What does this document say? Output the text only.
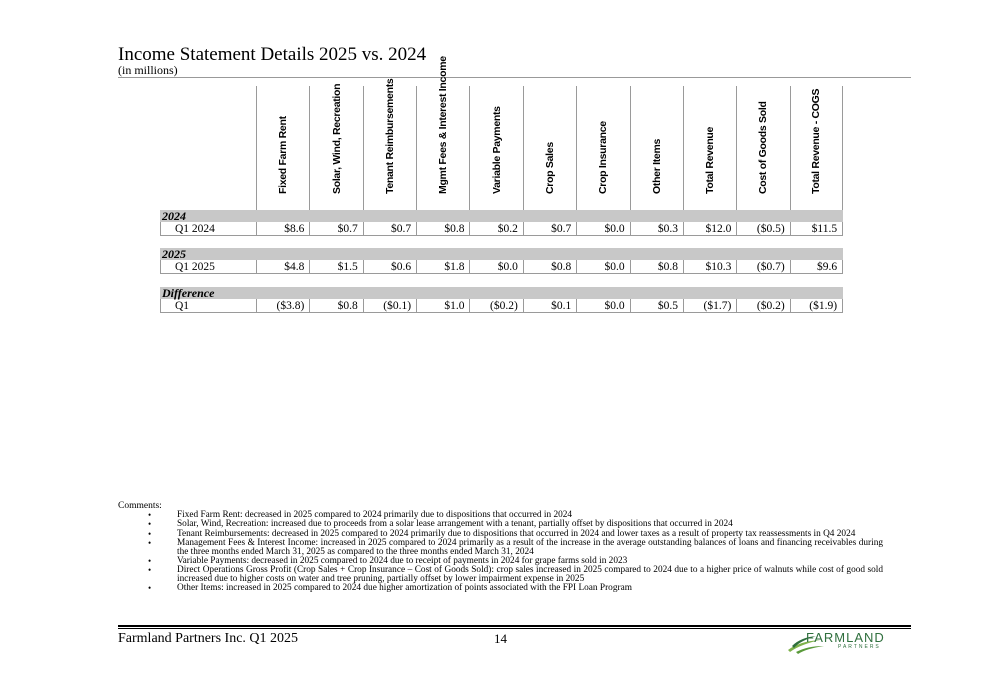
Income Statement Details 2025 vs. 2024
(in millions)
Fixed Farm Rent	Solar, Wind, Recreation	Tenant Reimbursements	Mgmt Fees & Interest Income	Variable Payments	Crop Sales	Crop Insurance	Other Items	Total Revenue	Cost of Goods Sold	Total Revenue - COGS
2024
Q1 2024	$8.6	$0.7	$0.7	$0.8	$0.2	$0.7	$0.0	$0.3	$12.0	($0.5)	$11.5
2025
Q1 2025	$4.8	$1.5	$0.6	$1.8	$0.0	$0.8	$0.0	$0.8	$10.3	($0.7)	$9.6
Difference
Q1	($3.8)	$0.8	($0.1)	$1.0	($0.2)	$0.1	$0.0	$0.5	($1.7)	($0.2)	($1.9)
Comments:
• Fixed Farm Rent: decreased in 2025 compared to 2024 primarily due to dispositions that occurred in 2024
• Solar, Wind, Recreation: increased due to proceeds from a solar lease arrangement with a tenant, partially offset by dispositions that occurred in 2024
• Tenant Reimbursements: decreased in 2025 compared to 2024 primarily due to dispositions that occurred in 2024 and lower taxes as a result of property tax reassessments in Q4 2024
• Management Fees & Interest Income: increased in 2025 compared to 2024 primarily as a result of the increase in the average outstanding balances of loans and financing receivables during the three months ended March 31, 2025 as compared to the three months ended March 31, 2024
• Variable Payments: decreased in 2025 compared to 2024 due to receipt of payments in 2024 for grape farms sold in 2023
• Direct Operations Gross Profit (Crop Sales + Crop Insurance – Cost of Goods Sold): crop sales increased in 2025 compared to 2024 due to a higher price of walnuts while cost of good sold increased due to higher costs on water and tree pruning, partially offset by lower impairment expense in 2025
• Other Items: increased in 2025 compared to 2024 due higher amortization of points associated with the FPI Loan Program
Farmland Partners Inc. Q1 2025	14	FARMLAND
PARTNERS
